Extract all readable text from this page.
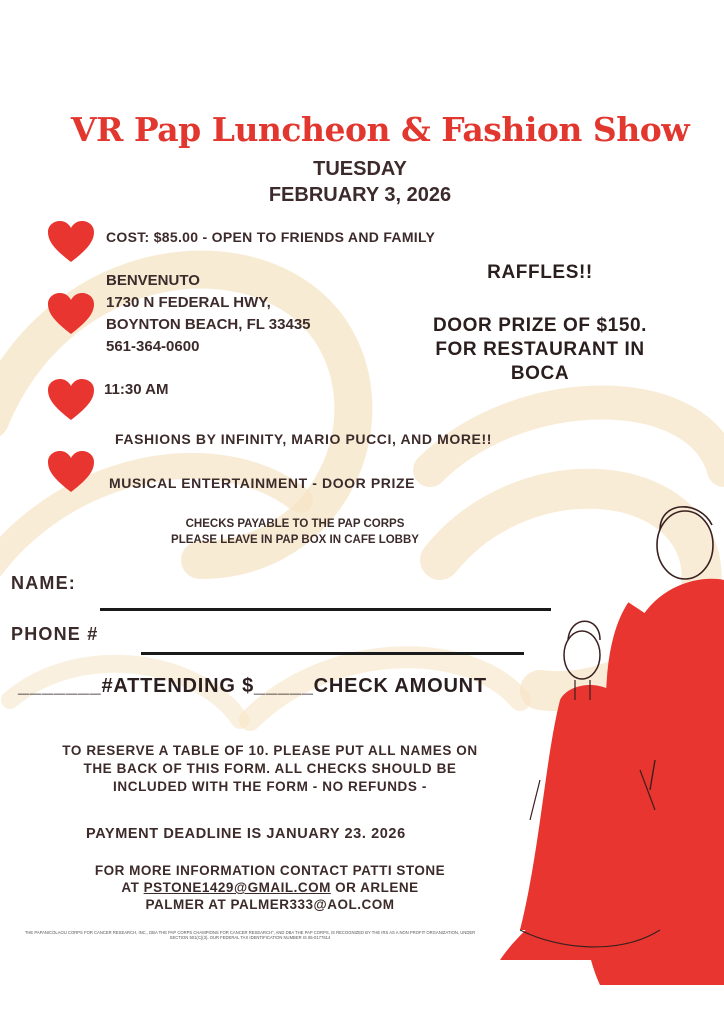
VR Pap Luncheon & Fashion Show
TUESDAY
FEBRUARY 3, 2026
COST: $85.00 - OPEN TO FRIENDS AND FAMILY
BENVENUTO
1730 N FEDERAL HWY,
BOYNTON BEACH, FL 33435
561-364-0600
11:30 AM
RAFFLES!!
DOOR PRIZE OF $150.
FOR RESTAURANT IN
BOCA
FASHIONS BY INFINITY, MARIO PUCCI, AND MORE!!
MUSICAL ENTERTAINMENT - DOOR PRIZE
CHECKS PAYABLE TO THE PAP CORPS
PLEASE LEAVE IN PAP BOX IN CAFE LOBBY
NAME:
PHONE #
_______#ATTENDING $_____CHECK AMOUNT
TO RESERVE A TABLE OF 10. PLEASE PUT ALL NAMES ON
THE BACK OF THIS FORM. ALL CHECKS SHOULD BE
INCLUDED WITH THE FORM - NO REFUNDS -
PAYMENT DEADLINE IS JANUARY 23. 2026
FOR MORE INFORMATION CONTACT PATTI STONE
AT PSTONE1429@GMAIL.COM OR ARLENE
PALMER AT PALMER333@AOL.COM
THE PAPANICOLAOU CORPS FOR CANCER RESEARCH, INC., DBA THE PAP CORPS CHAMPIONS FOR CANCER RESEARCH", AND DBA THE PAP CORPS, IS RECOGNIZED BY THE IRS AS A NON PROFIT ORGANIZATION, UNDER SECTION 501(C)(3). OUR FEDERAL TAX IDENTIFICATION NUMBER IS 65-0177614
